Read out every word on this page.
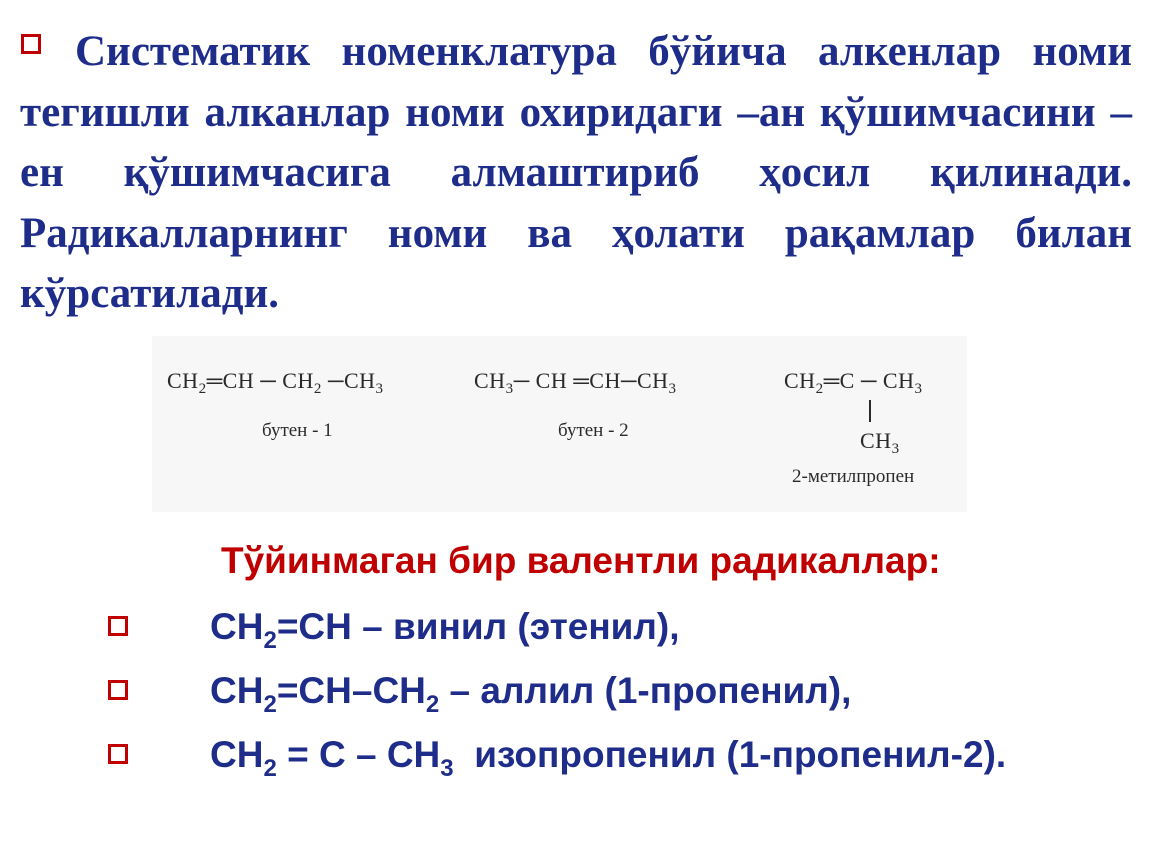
Систематик номенклатура бўйича алкенлар номи тегишли алканлар номи охиридаги –ан қўшимчасини –ен қўшимчасига алмаштириб ҳосил қилинади. Радикалларнинг номи ва ҳолати рақамлар билан кўрсатилади.
$CH_2═CH$ ─ $CH_2$ $─CH_3$
бутен - 1
$CH_3─$ CH $═CH─CH_3$
бутен - 2
$CH_2═C$ ─ $CH_3$
$CH_3$
2-метилпропен
Тўйинмаган бир валентли радикаллар:
$CH_2=CH$ – винил (этенил),
$CH_2=CH-CH_2$ – аллил (1-пропенил),
$CH_2 = C - CH_3$  изопропенил (1-пропенил-2).
